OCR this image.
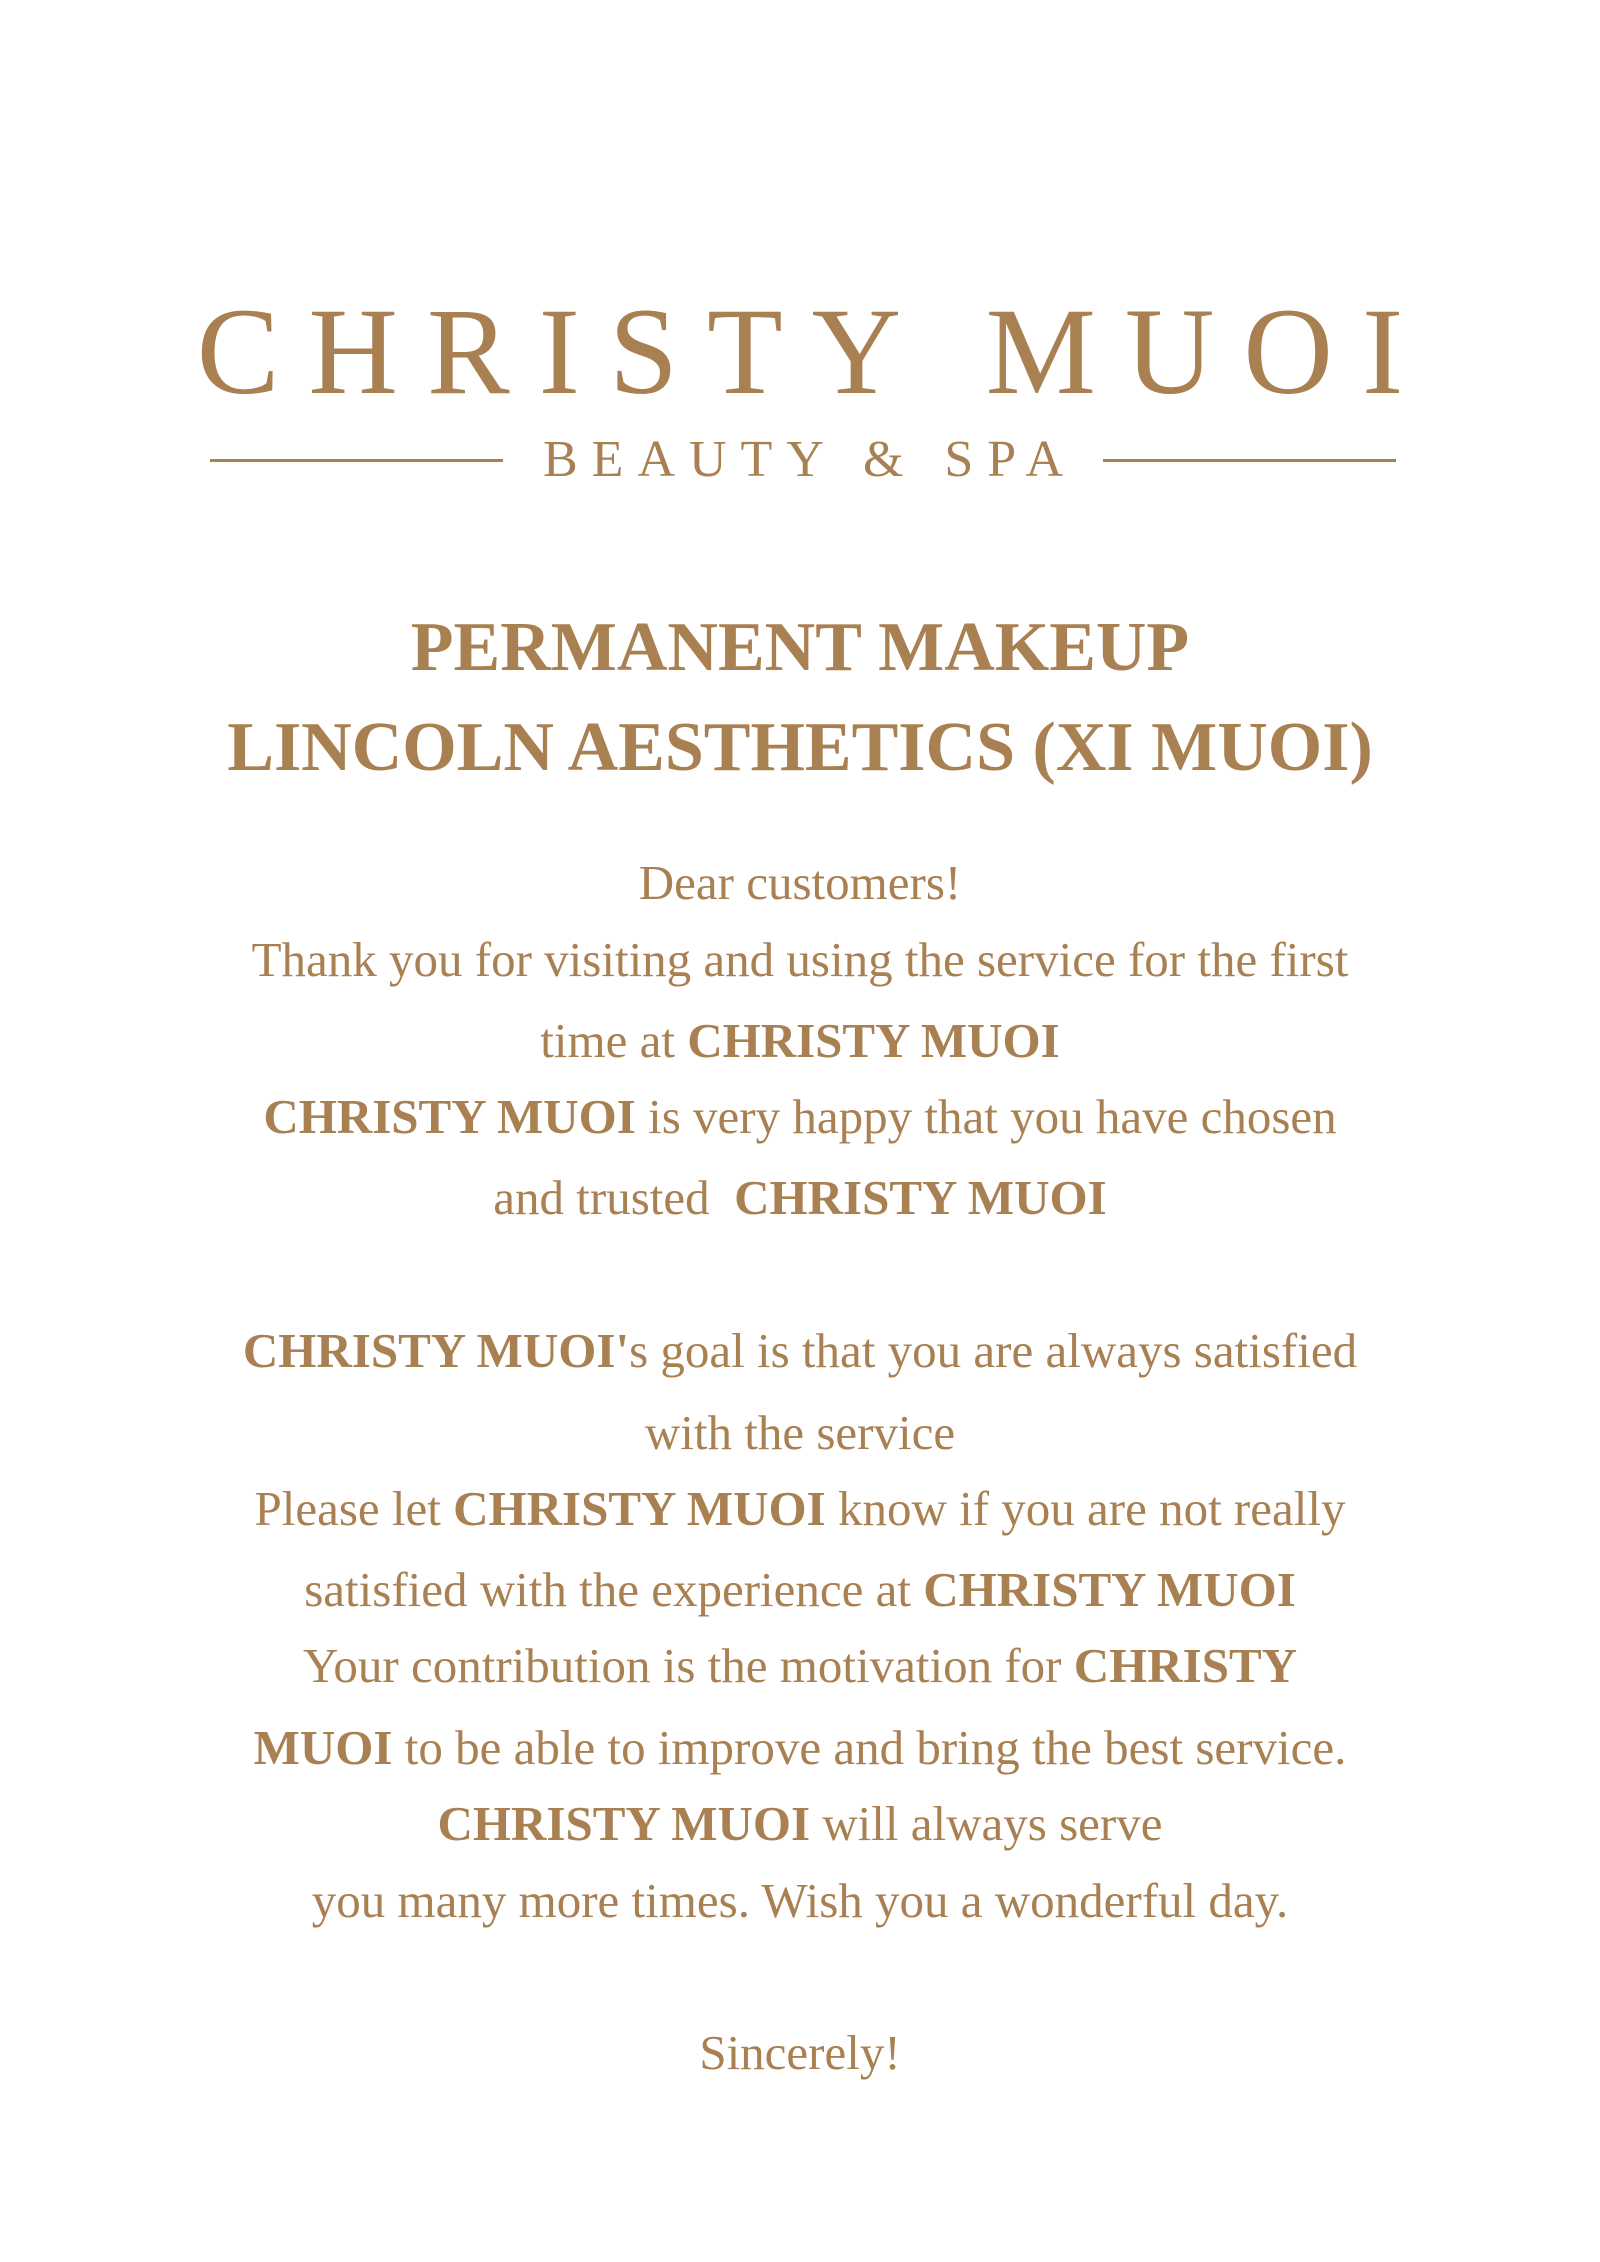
CHRISTY MUOI
BEAUTY & SPA
PERMANENT MAKEUP
LINCOLN AESTHETICS (XI MUOI)
Dear customers!
Thank you for visiting and using the service for the first
time at CHRISTY MUOI
CHRISTY MUOI is very happy that you have chosen
and trusted  CHRISTY MUOI
CHRISTY MUOI's goal is that you are always satisfied
with the service
Please let CHRISTY MUOI know if you are not really
satisfied with the experience at CHRISTY MUOI
Your contribution is the motivation for CHRISTY
MUOI to be able to improve and bring the best service.
CHRISTY MUOI will always serve
you many more times. Wish you a wonderful day.
Sincerely!
